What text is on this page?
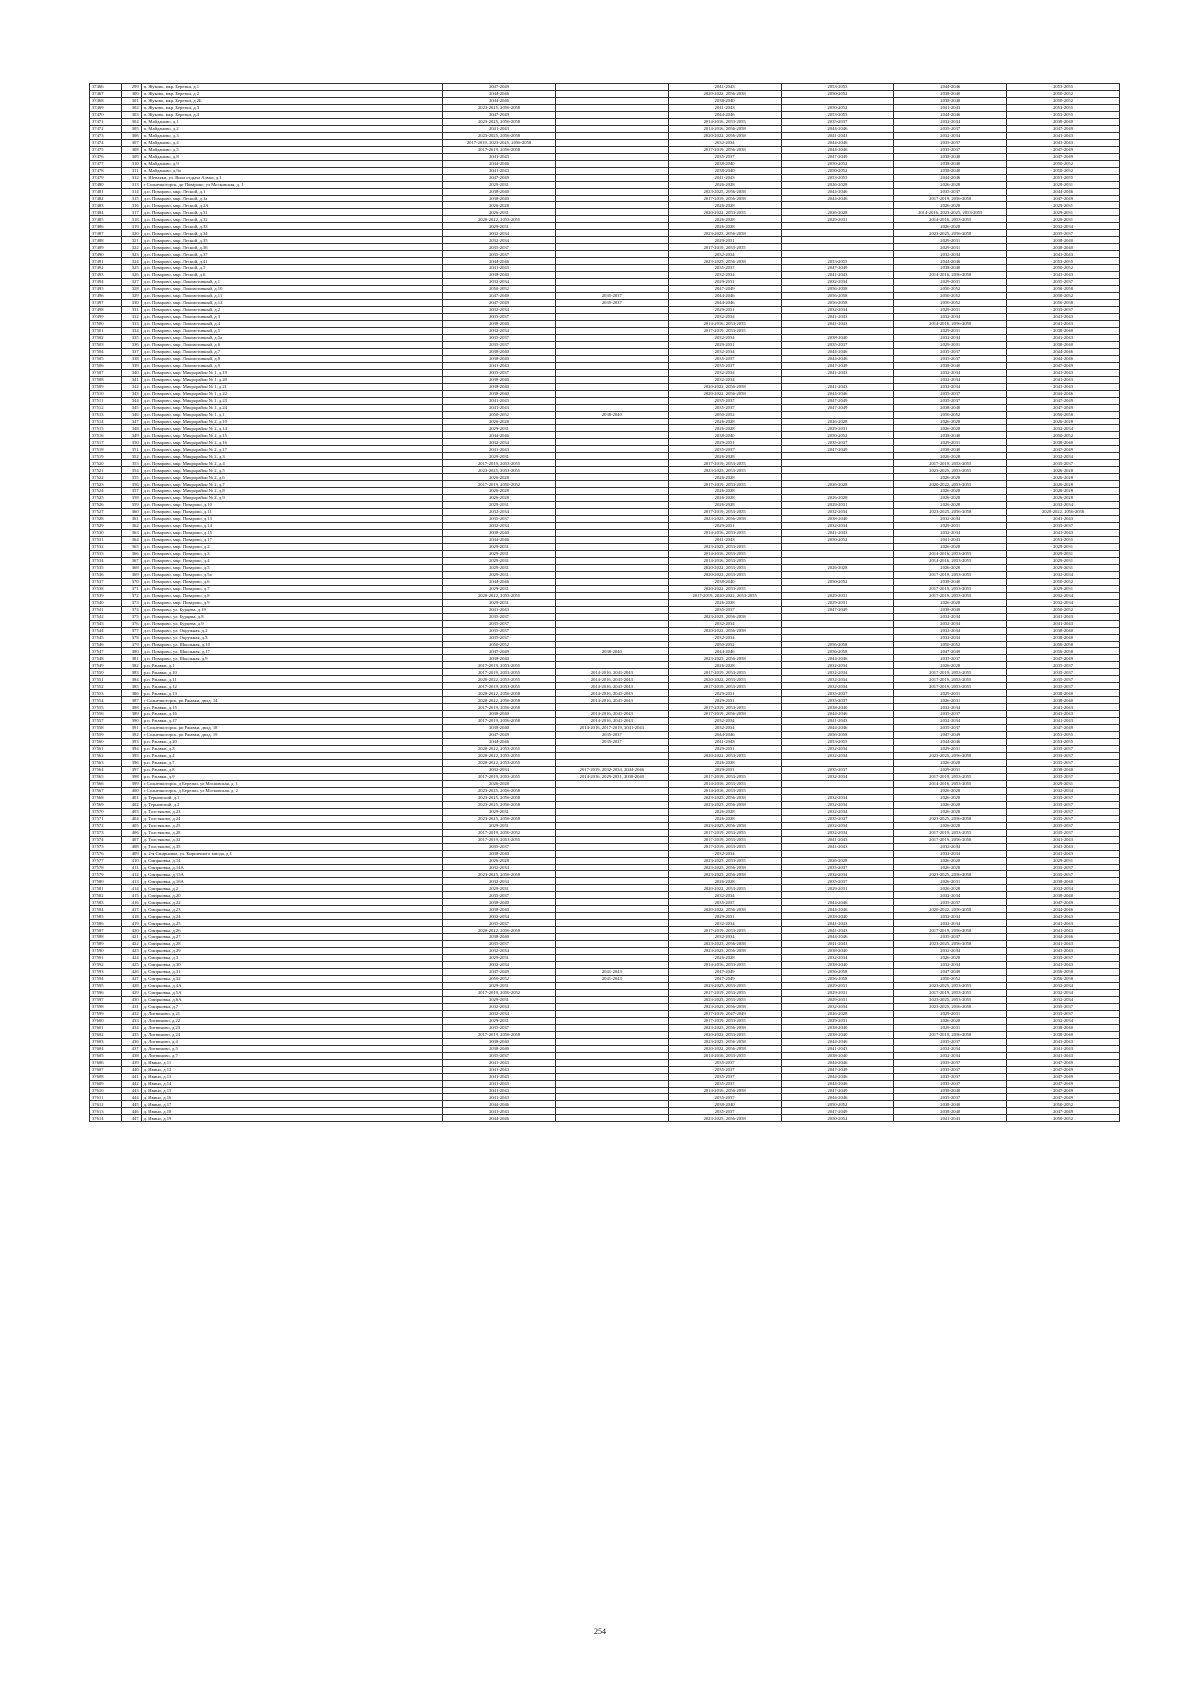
37466	299	п. Жуково, мкр. Березки, д.1	2047-2049		2041-2043	2053-2055	2044-2046	2053-2055
37467	300	п. Жуково, мкр. Березки, д.2	2044-2046		2020-2022, 2056-2058	2050-2052	2038-2040	2050-2052
37468	301	п. Жуково, мкр. Березки, д.2Б	2044-2046		2038-2040		2038-2040	2050-2052
37469	302	п. Жуково, мкр. Березки, д.3	2023-2025, 2056-2058		2041-2043	2050-2052	2041-2043	2053-2055
37470	303	п. Жуково, мкр. Березки, д.4	2047-2049		2044-2046	2053-2055	2044-2046	2053-2055
37471	304	п. Майданово, д.1	2023-2025, 2056-2058		2014-2016, 2053-2055	2035-2037	2032-2034	2038-2040
37472	305	п. Майданово, д.2	2041-2043		2014-2016, 2056-2058	2044-2046	2035-2037	2047-2049
37473	306	п. Майданово, д.3	2023-2025, 2056-2058		2020-2022, 2056-2058	2041-2043	2032-2034	2041-2043
37474	307	п. Майданово, д.4	2017-2019, 2023-2025, 2056-2058		2032-2034	2044-2046	2035-2037	2041-2043
37475	308	п. Майданово, д.5	2017-2019, 2056-2058		2017-2019, 2056-2058	2044-2046	2035-2037	2047-2049
37476	309	п. Майданово, д.8	2041-2043		2035-2037	2047-2049	2038-2040	2047-2049
37477	310	п. Майданово, д.9	2044-2046		2038-2040	2050-2052	2038-2040	2050-2052
37478	311	п. Майданово, д.9а	2041-2043		2038-2040	2050-2052	2038-2040	2050-2052
37479	312	п. Шевляки, ул. Вила отдыха Алмаз, д.1	2047-2049		2041-2043	2053-2055	2044-2046	2053-2055
37480	313	г Солнечногорск, дп Поварово, ул Московская, д. 1	2029-2031		2026-2028	2026-2028	2026-2028	2029-2031
37481	314	д.п. Поварово, мкр. Лесной, д.1	2038-2040		2023-2025, 2056-2058	2044-2046	2035-2037	2044-2046
37482	315	д.п. Поварово, мкр. Лесной, д.1а	2038-2040		2017-2019, 2056-2058	2044-2046	2017-2019, 2056-2058	2047-2049
37483	316	д.п. Поварово, мкр. Лесной, д.2А	2026-2028		2026-2028		2026-2028	2029-2031
37484	317	д.п. Поварово, мкр. Лесной, д.31	2026-2031		2020-2022, 2053-2055	2026-2028	2014-2016, 2023-2025, 2053-2055	2029-2031
37485	318	д.п. Поварово, мкр. Лесной, д.32	2020-2022, 2053-2055		2026-2028	2029-2031	2014-2016, 2053-2055	2029-2031
37486	319	д.п. Поварово, мкр. Лесной, д.33	2029-2031		2026-2028		2026-2028	2032-2034
37487	320	д.п. Поварово, мкр. Лесной, д.34	2032-2034		2023-2025, 2056-2058		2023-2025, 2056-2058	2035-2037
37488	321	д.п. Поварово, мкр. Лесной, д.35	2032-2034		2029-2031		2029-2031	2038-2040
37489	322	д.п. Поварово, мкр. Лесной, д.36	2035-2037		2017-2019, 2053-2055		2029-2031	2038-2040
37490	323	д.п. Поварово, мкр. Лесной, д.37	2035-2037		2032-2034		2032-2034	2041-2043
37491	324	д.п. Поварово, мкр. Лесной, д.41	2044-2046		2023-2025, 2056-2058	2053-2055	2044-2046	2053-2055
37492	325	д.п. Поварово, мкр. Лесной, д.5	2041-2043		2035-2037	2047-2049	2038-2040	2050-2052
37493	326	д.п. Поварово, мкр. Лесной, д.6	2038-2040		2032-2034	2041-2043	2014-2016, 2056-2058	2041-2043
37494	327	д.п. Поварово, мкр. Локомотивный, д.1	2032-2034		2029-2031	2032-2034	2029-2031	2035-2037
37495	328	д.п. Поварово, мкр. Локомотивный, д.10	2050-2052		2047-2049	2056-2058	2050-2052	2056-2058
37496	329	д.п. Поварово, мкр. Локомотивный, д.11	2047-2049	2035-2037	2044-2046	2056-2058	2050-2052	2050-2052
37497	330	д.п. Поварово, мкр. Локомотивный, д.12	2047-2049	2035-2037	2044-2046	2056-2058	2050-2052	2056-2058
37498	331	д.п. Поварово, мкр. Локомотивный, д.2	2032-2034		2029-2031	2032-2034	2029-2031	2035-2037
37499	332	д.п. Поварово, мкр. Локомотивный, д.3	2035-2037		2032-2034	2041-2043	2032-2034	2041-2043
37500	333	д.п. Поварово, мкр. Локомотивный, д.4	2038-2040		2014-2016, 2053-2055	2041-2043	2014-2016, 2056-2058	2041-2043
37501	334	д.п. Поварово, мкр. Локомотивный, д.5	2032-2034		2017-2019, 2053-2055		2029-2031	2038-2040
37502	335	д.п. Поварово, мкр. Локомотивный, д.5а	2035-2037		2032-2034	2038-2040	2032-2034	2041-2043
37503	336	д.п. Поварово, мкр. Локомотивный, д.6	2035-2037		2029-2031	2035-2037	2029-2031	2038-2040
37504	337	д.п. Поварово, мкр. Локомотивный, д.7	2038-2040		2032-2034	2044-2046	2035-2037	2044-2046
37505	338	д.п. Поварово, мкр. Локомотивный, д.8	2038-2040		2035-2037	2044-2046	2035-2037	2044-2046
37506	339	д.п. Поварово, мкр. Локомотивный, д.9	2041-2043		2035-2037	2047-2049	2038-2040	2047-2049
37507	340	д.п. Поварово, мкр. Микрорайон № 1, д.19	2035-2037		2032-2034	2041-2043	2032-2034	2041-2043
37508	341	д.п. Поварово, мкр. Микрорайон № 1, д.20	2038-2040		2032-2034		2032-2034	2041-2043
37509	342	д.п. Поварово, мкр. Микрорайон № 1, д.21	2038-2040		2020-2022, 2056-2058	2041-2043	2032-2034	2041-2043
37510	343	д.п. Поварово, мкр. Микрорайон № 1, д.22	2038-2040		2020-2022, 2056-2058	2044-2046	2035-2037	2044-2046
37511	344	д.п. Поварово, мкр. Микрорайон № 1, д.23	2041-2043		2035-2037	2047-2049	2035-2037	2047-2049
37512	345	д.п. Поварово, мкр. Микрорайон № 1, д.24	2041-2043		2035-2037	2047-2049	2038-2040	2047-2049
37513	346	д.п. Поварово, мкр. Микрорайон № 1, д.1	2050-2052	2038-2040	2050-2052		2050-2052	2056-2058
37514	347	д.п. Поварово, мкр. Микрорайон № 2, д.10	2026-2028		2026-2028	2026-2028	2026-2028	2026-2028
37515	348	д.п. Поварово, мкр. Микрорайон № 2, д.14	2029-2031		2026-2028	2029-2031	2026-2028	2032-2034
37516	349	д.п. Поварово, мкр. Микрорайон № 2, д.15	2044-2046		2038-2040	2050-2052	2038-2040	2050-2052
37517	350	д.п. Поварово, мкр. Микрорайон № 2, д.16	2032-2034		2029-2031	2035-2037	2029-2031	2038-2040
37518	351	д.п. Поварово, мкр. Микрорайон № 2, д.17	2041-2043		2035-2037	2047-2049	2038-2040	2047-2049
37519	352	д.п. Поварово, мкр. Микрорайон № 2, д.3	2029-2031		2026-2028		2026-2028	2032-2034
37520	353	д.п. Поварово, мкр. Микрорайон № 2, д.4	2017-2019, 2053-2055		2017-2019, 2053-2055		2017-2019, 2053-2055	2035-2037
37521	354	д.п. Поварово, мкр. Микрорайон № 2, д.5	2023-2025, 2053-2055		2023-2025, 2053-2055		2023-2025, 2053-2055	2026-2028
37522	355	д.п. Поварово, мкр. Микрорайон № 2, д.6	2026-2028		2026-2028		2026-2028	2026-2028
37523	356	д.п. Поварово, мкр. Микрорайон № 2, д.7	2017-2019, 2050-2052		2017-2019, 2053-2055	2026-2028	2020-2022, 2053-2055	2026-2028
37524	357	д.п. Поварово, мкр. Микрорайон № 2, д.8	2026-2028		2026-2028		2026-2028	2026-2028
37525	358	д.п. Поварово, мкр. Микрорайон № 2, д.9	2026-2028		2026-2028	2026-2028	2026-2028	2026-2028
37526	359	д.п. Поварово, мкр. Поварово, д.10	2029-2031		2026-2028	2029-2031	2026-2028	2032-2034
37527	360	д.п. Поварово, мкр. Поварово, д.11	2032-2034		2017-2019, 2053-2055	2032-2034	2023-2025, 2056-2058	2020-2022, 2056-2058
37528	361	д.п. Поварово, мкр. Поварово, д.13	2035-2037		2023-2025, 2056-2058	2038-2040	2032-2034	2041-2043
37529	362	д.п. Поварово, мкр. Поварово, д.14	2032-2034		2029-2031	2032-2034	2029-2031	2035-2037
37530	363	д.п. Поварово, мкр. Поварово, д.15	2038-2040		2014-2016, 2053-2055	2041-2043	2032-2034	2041-2043
37531	364	д.п. Поварово, мкр. Поварово, д.17	2044-2046		2041-2043	2050-2052	2041-2043	2053-2055
37532	365	д.п. Поварово, мкр. Поварово, д.2	2029-2031		2023-2025, 2053-2055		2026-2028	2029-2031
37533	366	д.п. Поварово, мкр. Поварово, д.3	2029-2031		2014-2016, 2053-2055		2014-2016, 2053-2055	2029-2031
37534	367	д.п. Поварово, мкр. Поварово, д.4	2029-2031		2014-2016, 2053-2055		2014-2016, 2053-2055	2029-2031
37535	368	д.п. Поварово, мкр. Поварово, д.5	2029-2031		2020-2022, 2053-2055	2026-2028	2026-2028	2029-2031
37536	369	д.п. Поварово, мкр. Поварово, д.5а	2029-2031		2020-2022, 2053-2055		2017-2019, 2053-2055	2032-2034
37537	370	д.п. Поварово, мкр. Поварово, д.6	2044-2046		2038-2040	2050-2052	2038-2040	2050-2052
37538	371	д.п. Поварово, мкр. Поварово, д.7	2029-2031		2020-2022, 2053-2055		2017-2019, 2053-2055	2029-2031
37539	372	д.п. Поварово, мкр. Поварово, д.8	2020-2022, 2053-2055		2017-2019, 2020-2022, 2053-2055	2029-2031	2017-2019, 2053-2055	2032-2034
37540	373	д.п. Поварово, мкр. Поварово, д.9	2029-2031		2026-2028	2029-2031	2026-2028	2032-2034
37541	374	д.п. Поварово, ул. Бурцева, д.19	2041-2043		2035-2037	2047-2049	2038-2040	2050-2052
37542	375	д.п. Поварово, ул. Бурцева, д.8	2035-2037		2023-2025, 2056-2058		2032-2034	2041-2043
37543	376	д.п. Поварово, ул. Бурцева, д.9	2035-2037		2032-2034		2032-2034	2041-2043
37544	377	д.п. Поварово, ул. Окружная, д.2	2035-2037		2020-2022, 2056-2058		2032-2034	2038-2040
37545	378	д.п. Поварово, ул. Окружная, д.3	2035-2037		2032-2034		2032-2034	2038-2040
37546	379	д.п. Поварово, ул. Школьная, д.10	2050-2052		2050-2052	2056-2058	2050-2052	2056-2058
37547	380	д.п. Поварово, ул. Школьная, д.17	2047-2049	2038-2040	2044-2046	2056-2058	2047-2049	2056-2058
37548	381	д.п. Поварово, ул. Школьная, д.9	2038-2040		2023-2025, 2056-2058	2044-2046	2035-2037	2047-2049
37549	382	р.п. Ржавки, д.1	2017-2019, 2053-2055		2026-2028	2032-2034	2026-2028	2035-2037
37550	383	р.п. Ржавки, д.10	2017-2019, 2053-2055	2014-2016, 2041-2043	2017-2019, 2053-2055	2032-2034	2017-2019, 2053-2055	2035-2037
37551	384	р.п. Ржавки, д.11	2020-2022, 2053-2055	2014-2016, 2041-2043	2020-2022, 2053-2055	2032-2034	2017-2019, 2053-2055	2035-2037
37552	385	р.п. Ржавки, д.12	2017-2019, 2053-2055	2014-2016, 2041-2043	2017-2019, 2053-2055	2032-2034	2017-2019, 2053-2055	2035-2037
37553	386	р.п. Ржавки, д.13	2020-2022, 2056-2058	2014-2016, 2041-2043	2029-2031	2035-2037	2029-2031	2038-2040
37554	387	г Солнечногорск, рп Ржавки, двлд. 14	2020-2022, 2056-2058	2014-2016, 2041-2043	2029-2031	2035-2037	2026-2031	2038-2040
37555	388	р.п. Ржавки, д.15	2017-2019, 2056-2058		2017-2019, 2053-2055	2038-2040	2032-2034	2041-2043
37556	389	р.п. Ржавки, д.16	2038-2040	2014-2016, 2041-2043	2017-2019, 2056-2058	2044-2046	2035-2037	2041-2043
37557	390	р.п. Ржавки, д.17	2017-2019, 2056-2058	2014-2016, 2041-2043	2032-2034	2041-2043	2032-2034	2041-2043
37558	391	г Солнечногорск, рп Ржавки, двлд. 18	2038-2040	2014-2016, 2017-2019, 2041-2043	2032-2034	2044-2046	2035-2037	2047-2049
37559	392	г Солнечногорск, рп Ржавки, двлд. 19	2047-2049	2035-2037	2044-2046	2056-2058	2047-2049	2053-2055
37560	393	р.п. Ржавки, д.20	2044-2046	2035-2037	2041-2043	2053-2055	2044-2046	2053-2055
37561	394	р.п. Ржавки, д.3	2020-2022, 2053-2055		2029-2031	2032-2034	2029-2031	2035-2037
37562	395	р.п. Ржавки, д.4	2020-2022, 2053-2055		2020-2022, 2053-2055	2032-2034	2023-2025, 2056-2058	2035-2037
37563	396	р.п. Ржавки, д.7	2020-2022, 2053-2055		2026-2028		2026-2028	2035-2037
37564	397	р.п. Ржавки, д.8	2032-2034	2017-2019, 2032-2034, 2044-2046	2029-2031	2035-2037	2029-2031	2038-2040
37565	398	р.п. Ржавки, д.9	2017-2019, 2053-2055	2014-2016, 2029-2031, 2038-2040	2017-2019, 2053-2055	2032-2034	2017-2019, 2053-2055	2035-2037
37566	399	г Солнечногорск, д Березки, ул Московская, д. 1	2026-2028		2014-2016, 2053-2055		2014-2016, 2053-2055	2029-2031
37567	400	г Солнечногорск, д Березки, ул Московская, д. 2	2023-2025, 2056-2058		2014-2016, 2053-2055		2026-2028	2032-2034
37568	401	д. Терновский, д.1	2023-2025, 2056-2058		2023-2025, 2056-2058	2032-2034	2026-2028	2035-2037
37569	402	д. Терновский, д.2	2023-2025, 2056-2058		2023-2025, 2056-2058	2032-2034	2026-2028	2035-2037
37570	403	д. Толстяково, д.23	2029-2031		2026-2028	2032-2034	2026-2028	2035-2037
37571	404	д. Толстяково, д.24	2023-2025, 2056-2058		2026-2028	2035-2037	2023-2025, 2056-2058	2035-2037
37572	405	д. Толстяково, д.25	2029-2031		2023-2025, 2056-2058	2032-2034	2026-2028	2035-2037
37573	406	д. Толстяково, д.28	2017-2019, 2050-2052		2017-2019, 2053-2055	2032-2034	2017-2019, 2053-2055	2035-2037
37574	407	д. Толстяково, д.32	2017-2019, 2053-2055		2017-2019, 2053-2055	2041-2043	2017-2019, 2056-2058	2041-2043
37575	408	д. Толстяково, д.35	2035-2037		2017-2019, 2053-2055	2041-2043	2032-2034	2041-2043
37576	409	п. 2-я Смирновка, ул. Кирпичного завода, д.1	2038-2040		2032-2034		2032-2034	2041-2043
37577	410	д. Смирновка, д.14	2026-2028		2023-2025, 2053-2055	2026-2028	2026-2028	2029-2031
37578	411	д. Смирновка, д.14А	2032-2034		2023-2025, 2056-2058	2035-2037	2026-2028	2035-2037
37579	412	д. Смирновка, д.15А	2023-2025, 2056-2058		2023-2025, 2056-2058	2032-2034	2023-2025, 2056-2058	2035-2037
37580	413	д. Смирновка, д.16А	2032-2034		2026-2028	2035-2037	2026-2031	2038-2040
37581	414	д. Смирновка, д.2	2029-2031		2020-2022, 2053-2055	2029-2031	2026-2028	2032-2034
37582	415	д. Смирновка, д.20	2035-2037		2032-2034		2032-2034	2038-2040
37583	416	д. Смирновка, д.22	2038-2040		2035-2037	2044-2046	2035-2037	2047-2049
37584	417	д. Смирновка, д.23	2038-2040		2020-2022, 2056-2058	2044-2046	2020-2022, 2056-2058	2044-2046
37585	418	д. Смирновка, д.24	2032-2034		2029-2031	2038-2040	2032-2034	2041-2043
37586	419	д. Смирновка, д.25	2035-2037		2032-2034	2041-2043	2032-2034	2041-2043
37587	420	д. Смирновка, д.26	2020-2022, 2056-2058		2017-2019, 2053-2055	2041-2043	2017-2019, 2056-2058	2041-2043
37588	421	д. Смирновка, д.27	2038-2040		2032-2034	2044-2046	2035-2037	2044-2046
37589	422	д. Смирновка, д.28	2035-2037		2023-2025, 2056-2058	2041-2043	2023-2025, 2056-2058	2041-2043
37590	423	д. Смирновка, д.29	2032-2034		2023-2025, 2056-2058	2038-2040	2032-2034	2041-2043
37591	424	д. Смирновка, д.3	2029-2031		2026-2028	2032-2034	2026-2028	2035-2037
37592	425	д. Смирновка, д.30	2032-2034		2014-2016, 2053-2055	2038-2040	2032-2034	2041-2043
37593	426	д. Смирновка, д.31	2047-2049	2041-2043	2047-2049	2056-2058	2047-2049	2056-2058
37594	427	д. Смирновка, д.32	2050-2052	2041-2043	2047-2049	2056-2058	2050-2052	2056-2058
37595	428	д. Смирновка, д.4А	2029-2031		2023-2025, 2053-2055	2029-2031	2023-2025, 2053-2055	2032-2034
37596	429	д. Смирновка, д.5А	2017-2019, 2050-2052		2017-2019, 2053-2055	2029-2031	2017-2019, 2053-2055	2032-2034
37597	430	д. Смирновка, д.6А	2029-2031		2023-2025, 2053-2055	2029-2031	2023-2025, 2053-2055	2032-2034
37598	431	д. Смирновка, д.7	2032-2034		2023-2025, 2056-2058	2032-2034	2023-2025, 2056-2058	2035-2037
37599	432	д. Литвиново, д.21	2032-2034		2017-2019, 2047-2049	2026-2028	2029-2031	2035-2037
37600	433	д. Литвиново, д.22	2029-2031		2017-2019, 2053-2055	2029-2031	2026-2028	2032-2034
37601	434	д. Литвиново, д.23	2035-2037		2023-2025, 2056-2058	2038-2040	2029-2031	2038-2040
37602	435	д. Литвиново, д.24	2017-2019, 2056-2058		2020-2022, 2053-2055	2038-2040	2017-2019, 2056-2058	2038-2040
37603	436	д. Литвиново, д.4	2038-2040		2023-2025, 2056-2058	2044-2046	2035-2037	2041-2043
37604	437	д. Литвиново, д.5	2038-2040		2020-2022, 2056-2058	2041-2043	2032-2034	2041-2043
37605	438	д. Литвиново, д.7	2035-2037		2014-2016, 2053-2055	2038-2040	2032-2034	2041-2043
37606	439	д. Ивино, д.11	2041-2043		2035-2037	2044-2046	2035-2037	2047-2049
37607	440	д. Ивино, д.12	2041-2043		2035-2037	2047-2049	2035-2037	2047-2049
37608	441	д. Ивино, д.13	2041-2043		2035-2037	2044-2046	2035-2037	2047-2049
37609	442	д. Ивино, д.14	2041-2043		2035-2037	2044-2046	2035-2037	2047-2049
37610	443	д. Ивино, д.15	2041-2043		2014-2016, 2056-2058	2047-2049	2038-2040	2047-2049
37611	444	д. Ивино, д.16	2041-2043		2035-2037	2044-2046	2035-2037	2047-2049
37612	445	д. Ивино, д.17	2044-2046		2038-2040	2050-2052	2038-2040	2050-2052
37613	446	д. Ивино, д.18	2041-2043		2035-2037	2047-2049	2038-2040	2047-2049
37614	447	д. Ивино, д.19	2044-2046		2023-2025, 2056-2058	2050-2052	2041-2043	2050-2052
254
